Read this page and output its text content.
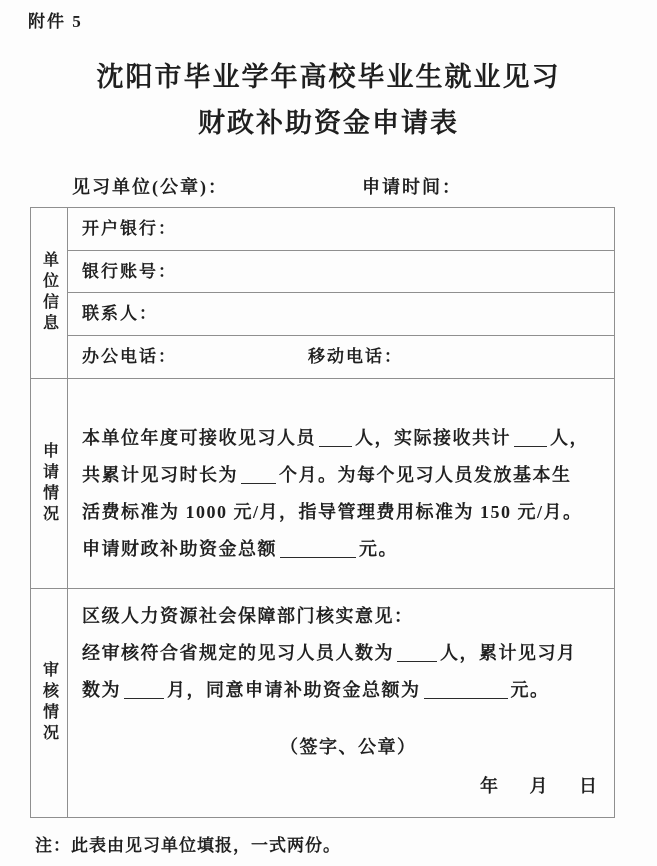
附件 5
沈阳市毕业学年高校毕业生就业见习
财政补助资金申请表
见习单位(公章)：	申请时间：
单位信息
开户银行：
银行账号：
联系人：
办公电话：	移动电话：
申请情况
本单位年度可接收见习人员 人，实际接收共计 人，
共累计见习时长为 个月。为每个见习人员发放基本生
活费标准为 1000 元/月，指导管理费用标准为 150 元/月。
申请财政补助资金总额	元。
审核情况
区级人力资源社会保障部门核实意见：
经审核符合省规定的见习人员人数为	人，累计见习月
数为	月，同意申请补助资金总额为	元。
（签字、公章）
年 月 日
注：此表由见习单位填报，一式两份。
